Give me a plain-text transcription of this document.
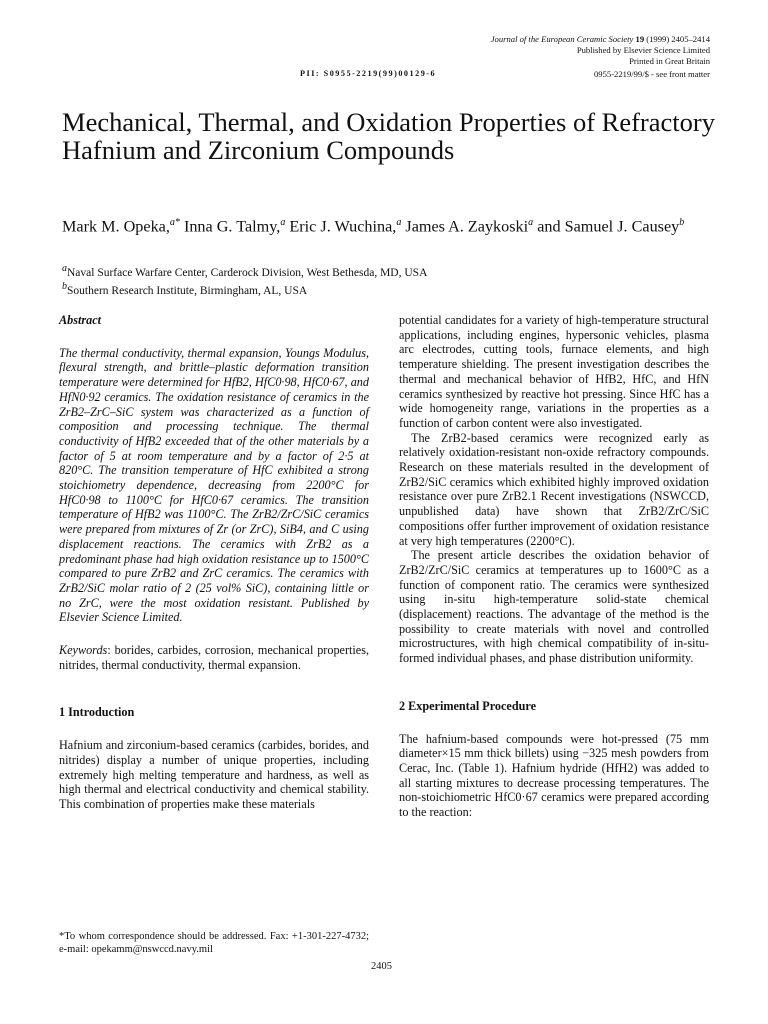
Journal of the European Ceramic Society 19 (1999) 2405–2414
Published by Elsevier Science Limited
Printed in Great Britain
PII: S0955-2219(99)00129-6	0955-2219/99/$ - see front matter
Mechanical, Thermal, and Oxidation Properties of Refractory Hafnium and Zirconium Compounds
Mark M. Opeka,$^{a*}$ Inna G. Talmy,$^a$ Eric J. Wuchina,$^a$ James A. Zaykoski$^a$ and Samuel J. Causey$^b$
$^a$Naval Surface Warfare Center, Carderock Division, West Bethesda, MD, USA
$^b$Southern Research Institute, Birmingham, AL, USA

Abstract

The thermal conductivity, thermal expansion, Youngs Modulus, flexural strength, and brittle–plastic deformation transition temperature were determined for HfB2, HfC0·98, HfC0·67, and HfN0·92 ceramics. The oxidation resistance of ceramics in the ZrB2–ZrC–SiC system was characterized as a function of composition and processing technique. The thermal conductivity of HfB2 exceeded that of the other materials by a factor of 5 at room temperature and by a factor of 2·5 at 820°C. The transition temperature of HfC exhibited a strong stoichiometry dependence, decreasing from 2200°C for HfC0·98 to 1100°C for HfC0·67 ceramics. The transition temperature of HfB2 was 1100°C. The ZrB2/ZrC/SiC ceramics were prepared from mixtures of Zr (or ZrC), SiB4, and C using displacement reactions. The ceramics with ZrB2 as a predominant phase had high oxidation resistance up to 1500°C compared to pure ZrB2 and ZrC ceramics. The ceramics with ZrB2/SiC molar ratio of 2 (25 vol% SiC), containing little or no ZrC, were the most oxidation resistant. Published by Elsevier Science Limited.

Keywords: borides, carbides, corrosion, mechanical properties, nitrides, thermal conductivity, thermal expansion.

1 Introduction

Hafnium and zirconium-based ceramics (carbides, borides, and nitrides) display a number of unique properties, including extremely high melting temperature and hardness, as well as high thermal and electrical conductivity and chemical stability. This combination of properties make these materials

*To whom correspondence should be addressed. Fax: +1-301-227-4732; e-mail: opekamm@nswccd.navy.mil

potential candidates for a variety of high-temperature structural applications, including engines, hypersonic vehicles, plasma arc electrodes, cutting tools, furnace elements, and high temperature shielding. The present investigation describes the thermal and mechanical behavior of HfB2, HfC, and HfN ceramics synthesized by reactive hot pressing. Since HfC has a wide homogeneity range, variations in the properties as a function of carbon content were also investigated.

The ZrB2-based ceramics were recognized early as relatively oxidation-resistant non-oxide refractory compounds. Research on these materials resulted in the development of ZrB2/SiC ceramics which exhibited highly improved oxidation resistance over pure ZrB2.1 Recent investigations (NSWCCD, unpublished data) have shown that ZrB2/ZrC/SiC compositions offer further improvement of oxidation resistance at very high temperatures (2200°C).

The present article describes the oxidation behavior of ZrB2/ZrC/SiC ceramics at temperatures up to 1600°C as a function of component ratio. The ceramics were synthesized using in-situ high-temperature solid-state chemical (displacement) reactions. The advantage of the method is the possibility to create materials with novel and controlled microstructures, with high chemical compatibility of in-situ-formed individual phases, and phase distribution uniformity.

2 Experimental Procedure

The hafnium-based compounds were hot-pressed (75 mm diameter×15 mm thick billets) using −325 mesh powders from Cerac, Inc. (Table 1). Hafnium hydride (HfH2) was added to all starting mixtures to decrease processing temperatures. The non-stoichiometric HfC0·67 ceramics were prepared according to the reaction:

2405
